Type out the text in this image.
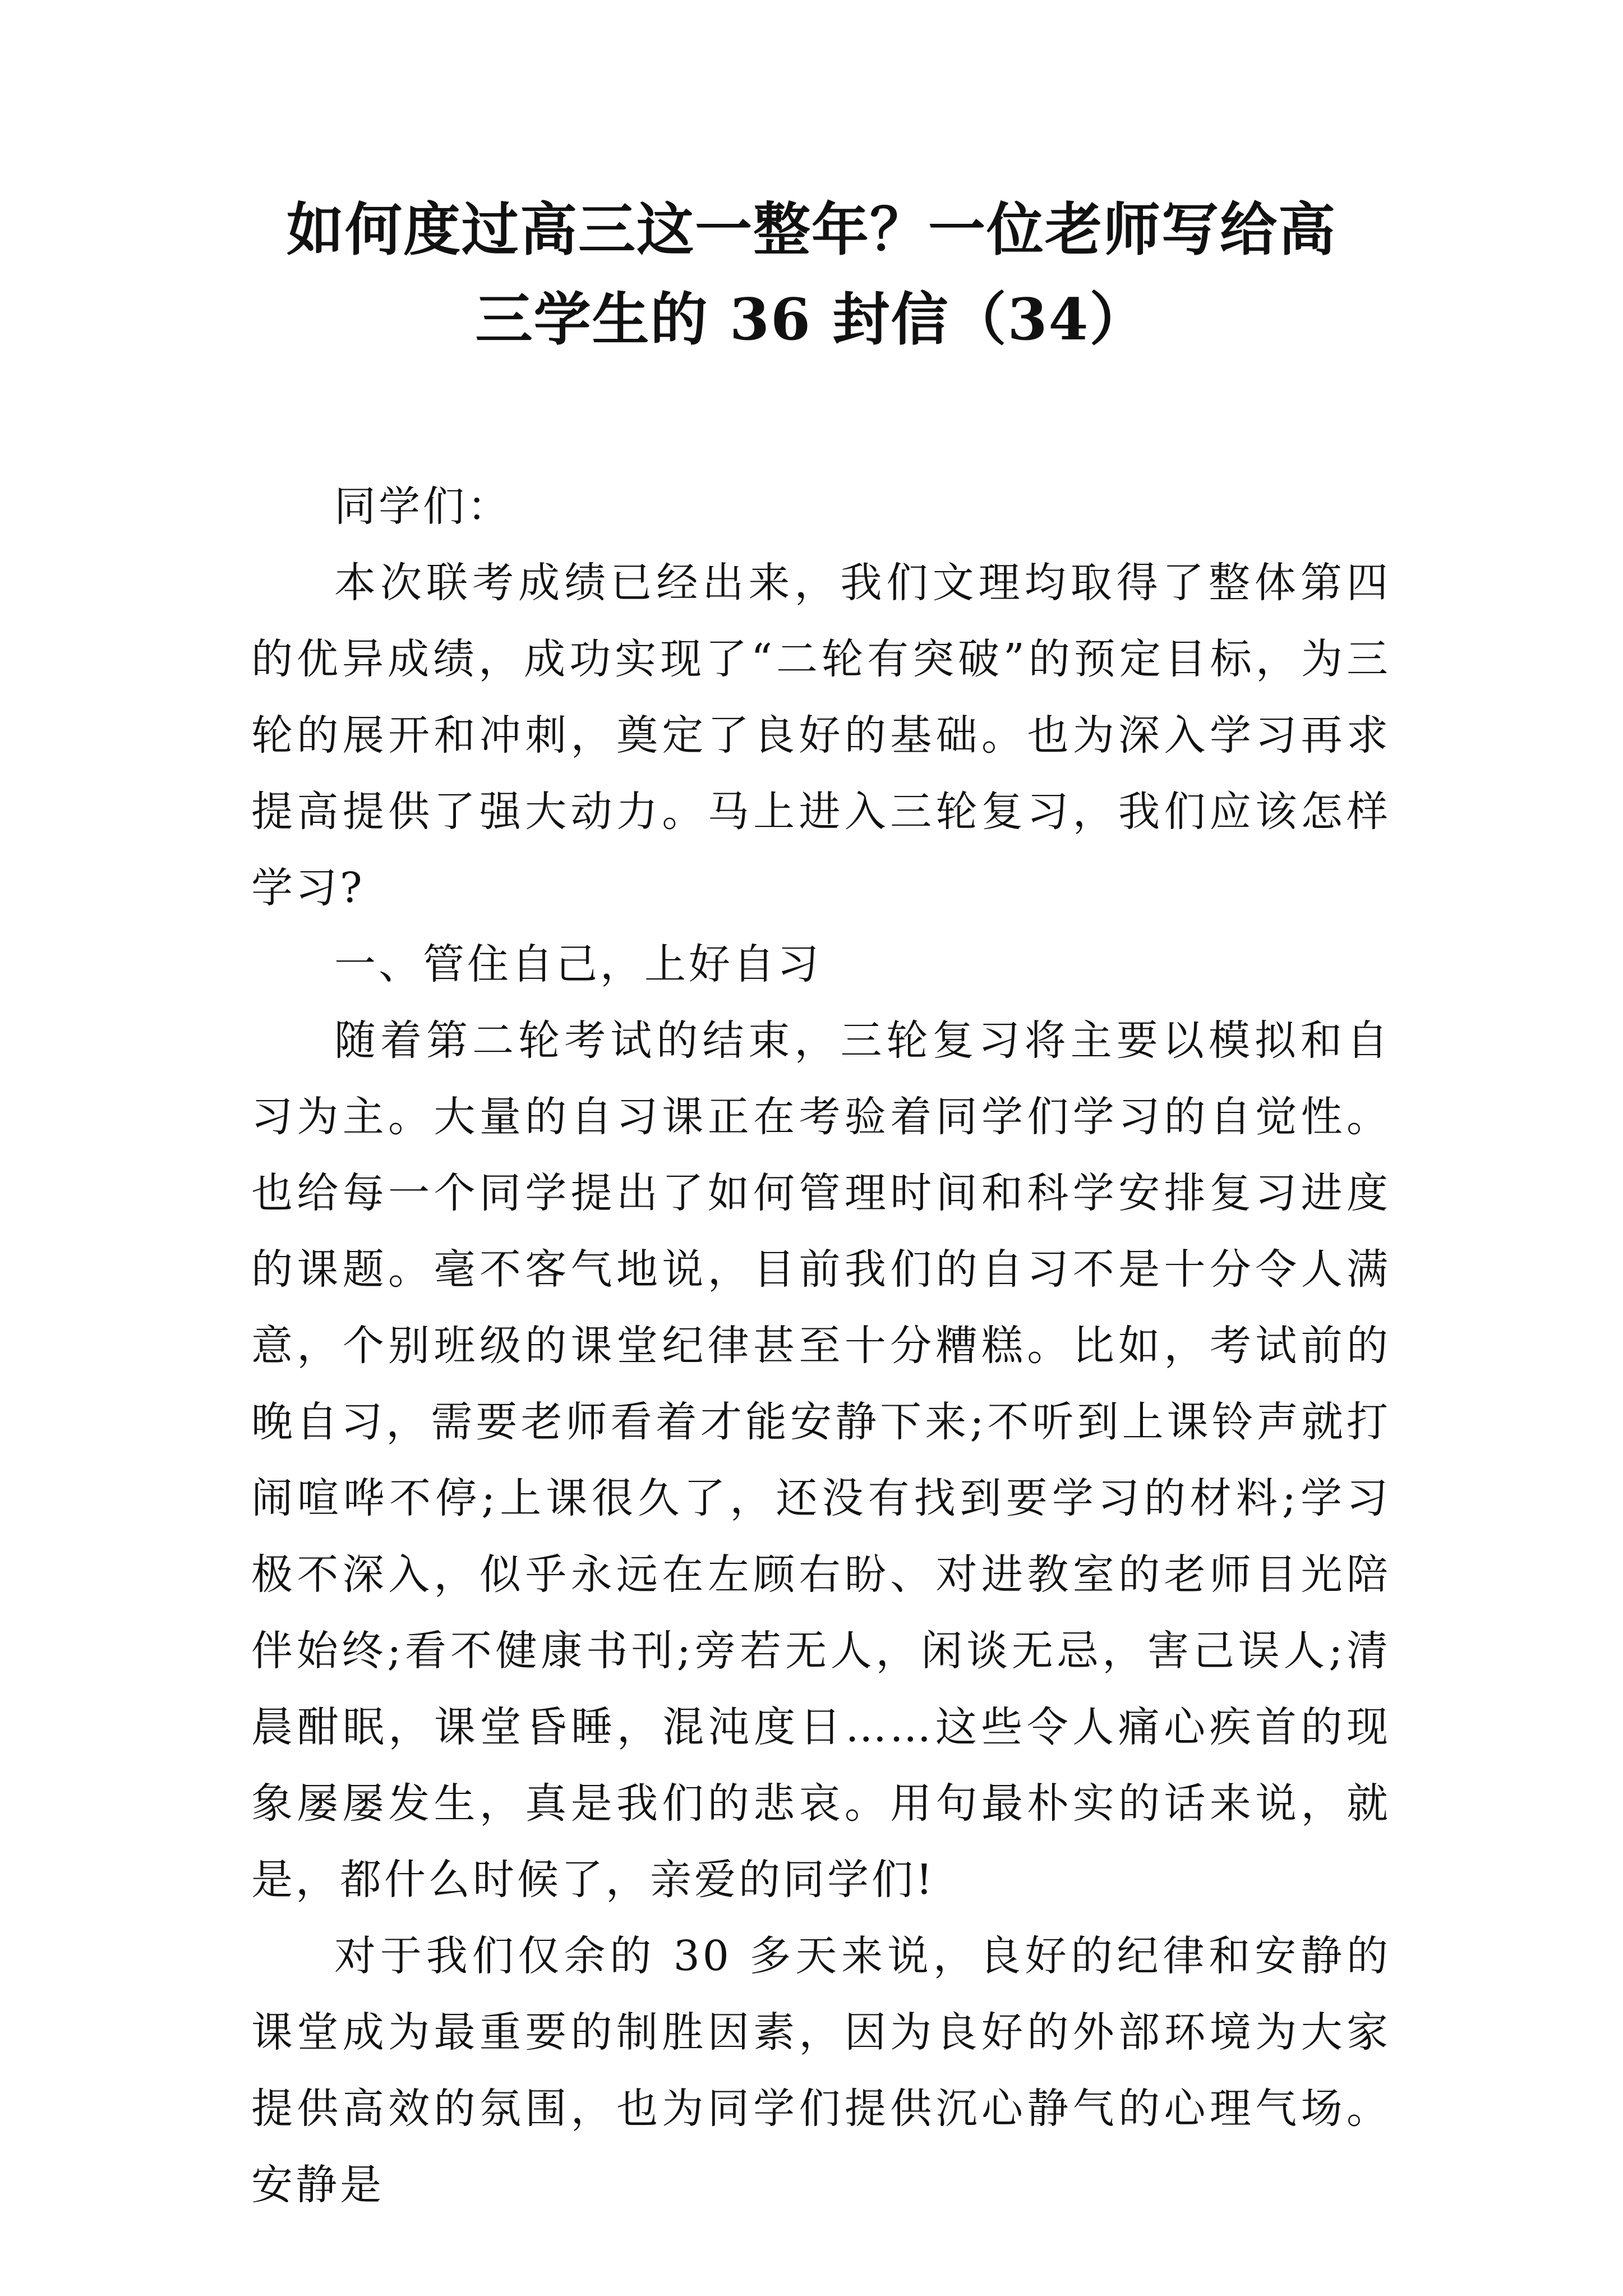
如何度过高三这一整年？一位老师写给高
三学生的 36 封信（34）

同学们：

本次联考成绩已经出来，我们文理均取得了整体第四的优异成绩，成功实现了“二轮有突破”的预定目标，为三轮的展开和冲刺，奠定了良好的基础。也为深入学习再求提高提供了强大动力。马上进入三轮复习，我们应该怎样学习?

一、管住自己，上好自习

随着第二轮考试的结束，三轮复习将主要以模拟和自习为主。大量的自习课正在考验着同学们学习的自觉性。也给每一个同学提出了如何管理时间和科学安排复习进度的课题。毫不客气地说，目前我们的自习不是十分令人满意，个别班级的课堂纪律甚至十分糟糕。比如，考试前的晚自习，需要老师看着才能安静下来;不听到上课铃声就打闹喧哗不停;上课很久了，还没有找到要学习的材料;学习极不深入，似乎永远在左顾右盼、对进教室的老师目光陪伴始终;看不健康书刊;旁若无人，闲谈无忌，害己误人;清晨酣眠，课堂昏睡，混沌度日……这些令人痛心疾首的现象屡屡发生，真是我们的悲哀。用句最朴实的话来说，就是，都什么时候了，亲爱的同学们!

对于我们仅余的 30 多天来说，良好的纪律和安静的课堂成为最重要的制胜因素，因为良好的外部环境为大家提供高效的氛围，也为同学们提供沉心静气的心理气场。安静是
